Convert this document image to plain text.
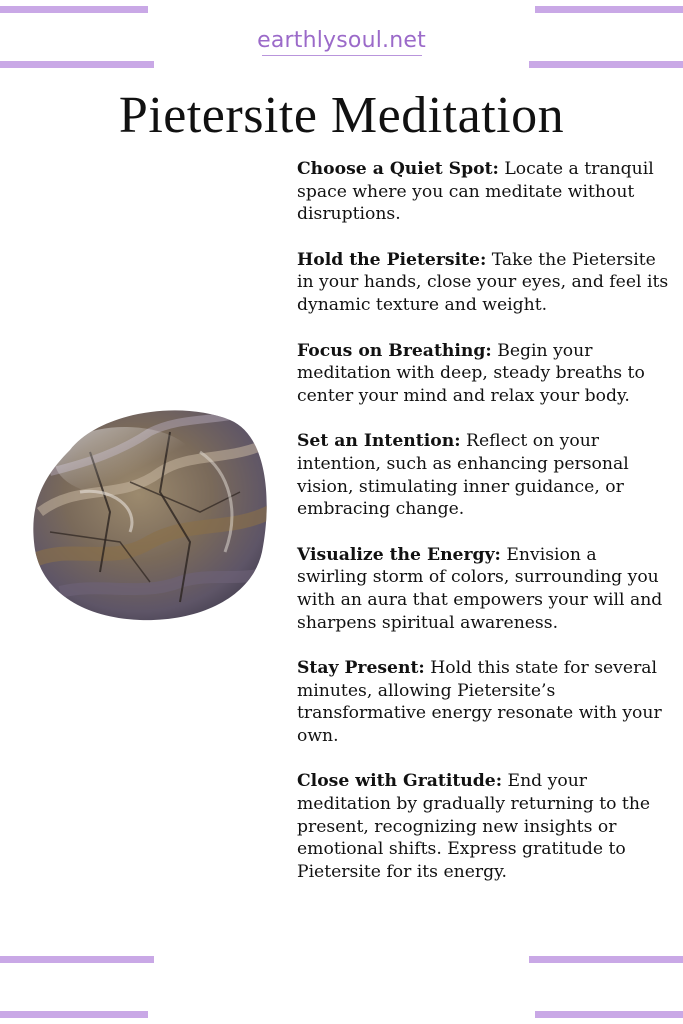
earthlysoul.net
Pietersite Meditation

Choose a Quiet Spot: Locate a tranquil space where you can meditate without disruptions.

Hold the Pietersite: Take the Pietersite in your hands, close your eyes, and feel its dynamic texture and weight.

Focus on Breathing: Begin your meditation with deep, steady breaths to center your mind and relax your body.

Set an Intention: Reflect on your intention, such as enhancing personal vision, stimulating inner guidance, or embracing change.

Visualize the Energy: Envision a swirling storm of colors, surrounding you with an aura that empowers your will and sharpens spiritual awareness.

Stay Present: Hold this state for several minutes, allowing Pietersite’s transformative energy resonate with your own.

Close with Gratitude: End your meditation by gradually returning to the present, recognizing new insights or emotional shifts. Express gratitude to Pietersite for its energy.
